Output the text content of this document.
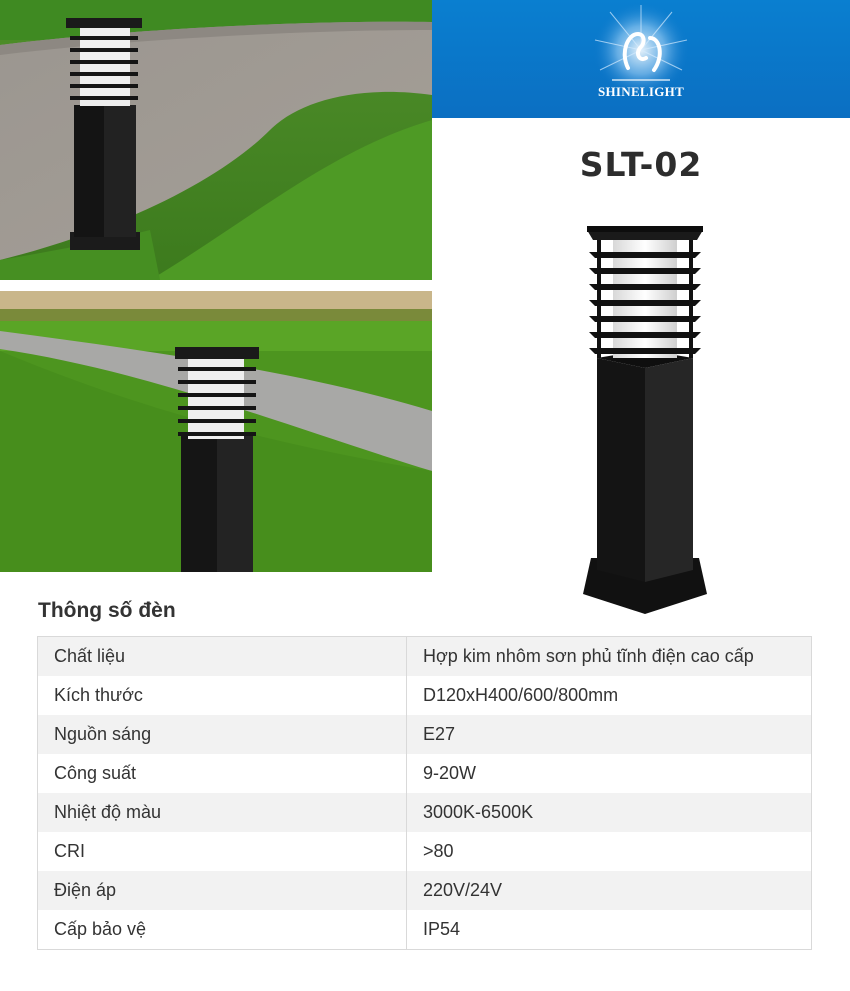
SHINELIGHT
SLT-02
Thông số đèn
Chất liệu	Hợp kim nhôm sơn phủ tĩnh điện cao cấp
Kích thước	D120xH400/600/800mm
Nguồn sáng	E27
Công suất	9-20W
Nhiệt độ màu	3000K-6500K
CRI	>80
Điện áp	220V/24V
Cấp bảo vệ	IP54
